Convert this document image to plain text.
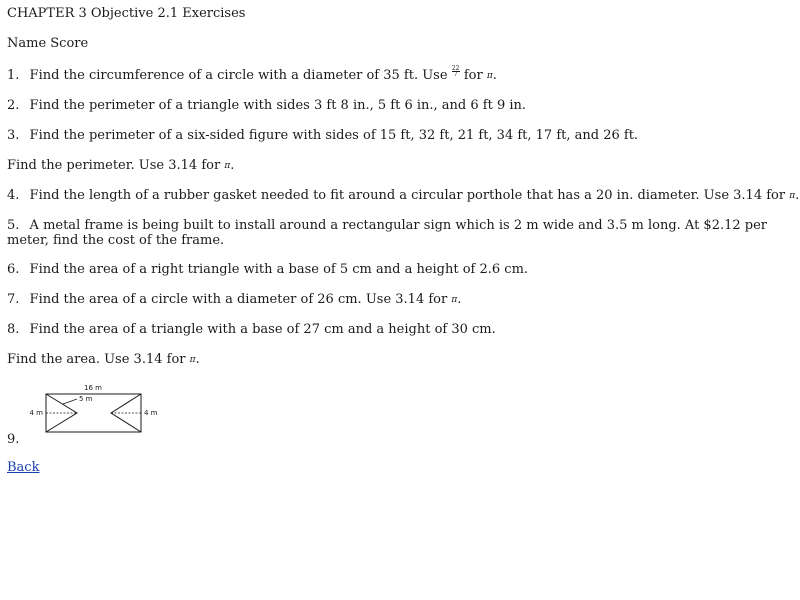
CHAPTER 3 Objective 2.1 Exercises

Name Score

1. Find the circumference of a circle with a diameter of 35 ft. Use $\frac{22}{7}$ for π.

2. Find the perimeter of a triangle with sides 3 ft 8 in., 5 ft 6 in., and 6 ft 9 in.

3. Find the perimeter of a six-sided figure with sides of 15 ft, 32 ft, 21 ft, 34 ft, 17 ft, and 26 ft.

Find the perimeter. Use 3.14 for π.

4. Find the length of a rubber gasket needed to fit around a circular porthole that has a 20 in. diameter. Use 3.14 for π.

5. A metal frame is being built to install around a rectangular sign which is 2 m wide and 3.5 m long. At $2.12 per meter, find the cost of the frame.

6. Find the area of a right triangle with a base of 5 cm and a height of 2.6 cm.

7. Find the area of a circle with a diameter of 26 cm. Use 3.14 for π.

8. Find the area of a triangle with a base of 27 cm and a height of 30 cm.

Find the area. Use 3.14 for π.

9.
16 m
5 m
4 m	4 m
Back
